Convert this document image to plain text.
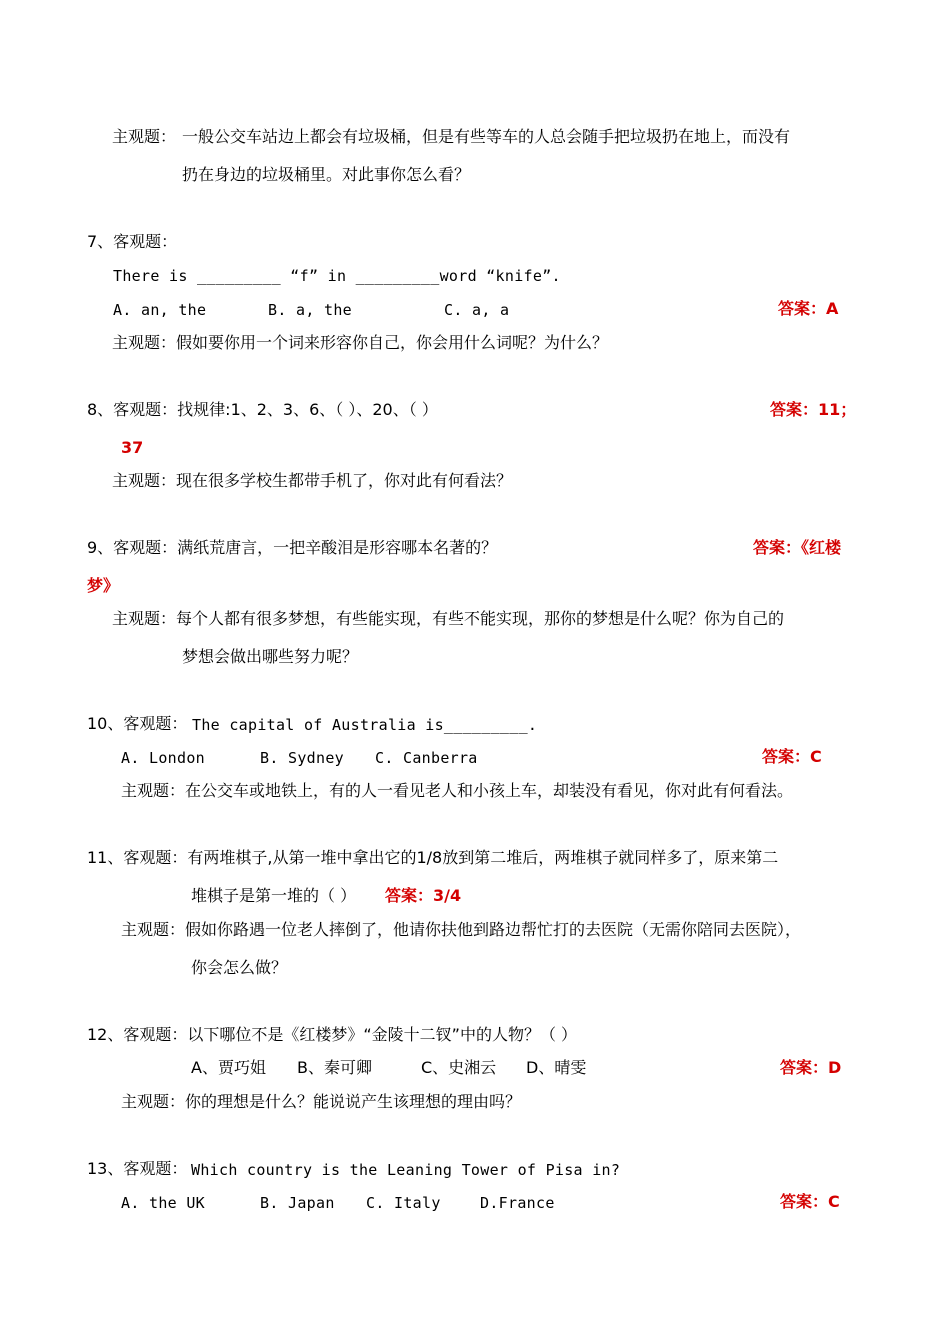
主观题： 一般公交车站边上都会有垃圾桶，但是有些等车的人总会随手把垃圾扔在地上，而没有
扔在身边的垃圾桶里。对此事你怎么看？
7、客观题：
There is _________ “f” in _________word “knife”.
A. an, the	B. a, the	C. a, a	答案：A
主观题：假如要你用一个词来形容你自己，你会用什么词呢？为什么？
8、客观题：找规律:1、2、3、6、（ ）、20、（ ）	答案：11；
37
主观题：现在很多学校生都带手机了，你对此有何看法？
9、客观题：满纸荒唐言，一把辛酸泪是形容哪本名著的？	答案：《红楼
梦》
主观题：每个人都有很多梦想，有些能实现，有些不能实现，那你的梦想是什么呢？你为自己的
梦想会做出哪些努力呢？
10、客观题： The capital of Australia is_________.
A. London	B. Sydney C. Canberra	答案：C
主观题：在公交车或地铁上，有的人一看见老人和小孩上车，却装没有看见，你对此有何看法。
11、客观题：有两堆棋子,从第一堆中拿出它的1/8放到第二堆后，两堆棋子就同样多了，原来第二
堆棋子是第一堆的（ ） 答案：3/4
主观题：假如你路遇一位老人摔倒了，他请你扶他到路边帮忙打的去医院（无需你陪同去医院），
你会怎么做？
12、客观题：以下哪位不是《红楼梦》“金陵十二钗”中的人物？（ ）
A、贾巧姐 B、秦可卿	C、史湘云 D、晴雯	答案：D
主观题：你的理想是什么？能说说产生该理想的理由吗？
13、客观题： Which country is the Leaning Tower of Pisa in?
A. the UK	B. Japan C. Italy	D.France	答案：C
